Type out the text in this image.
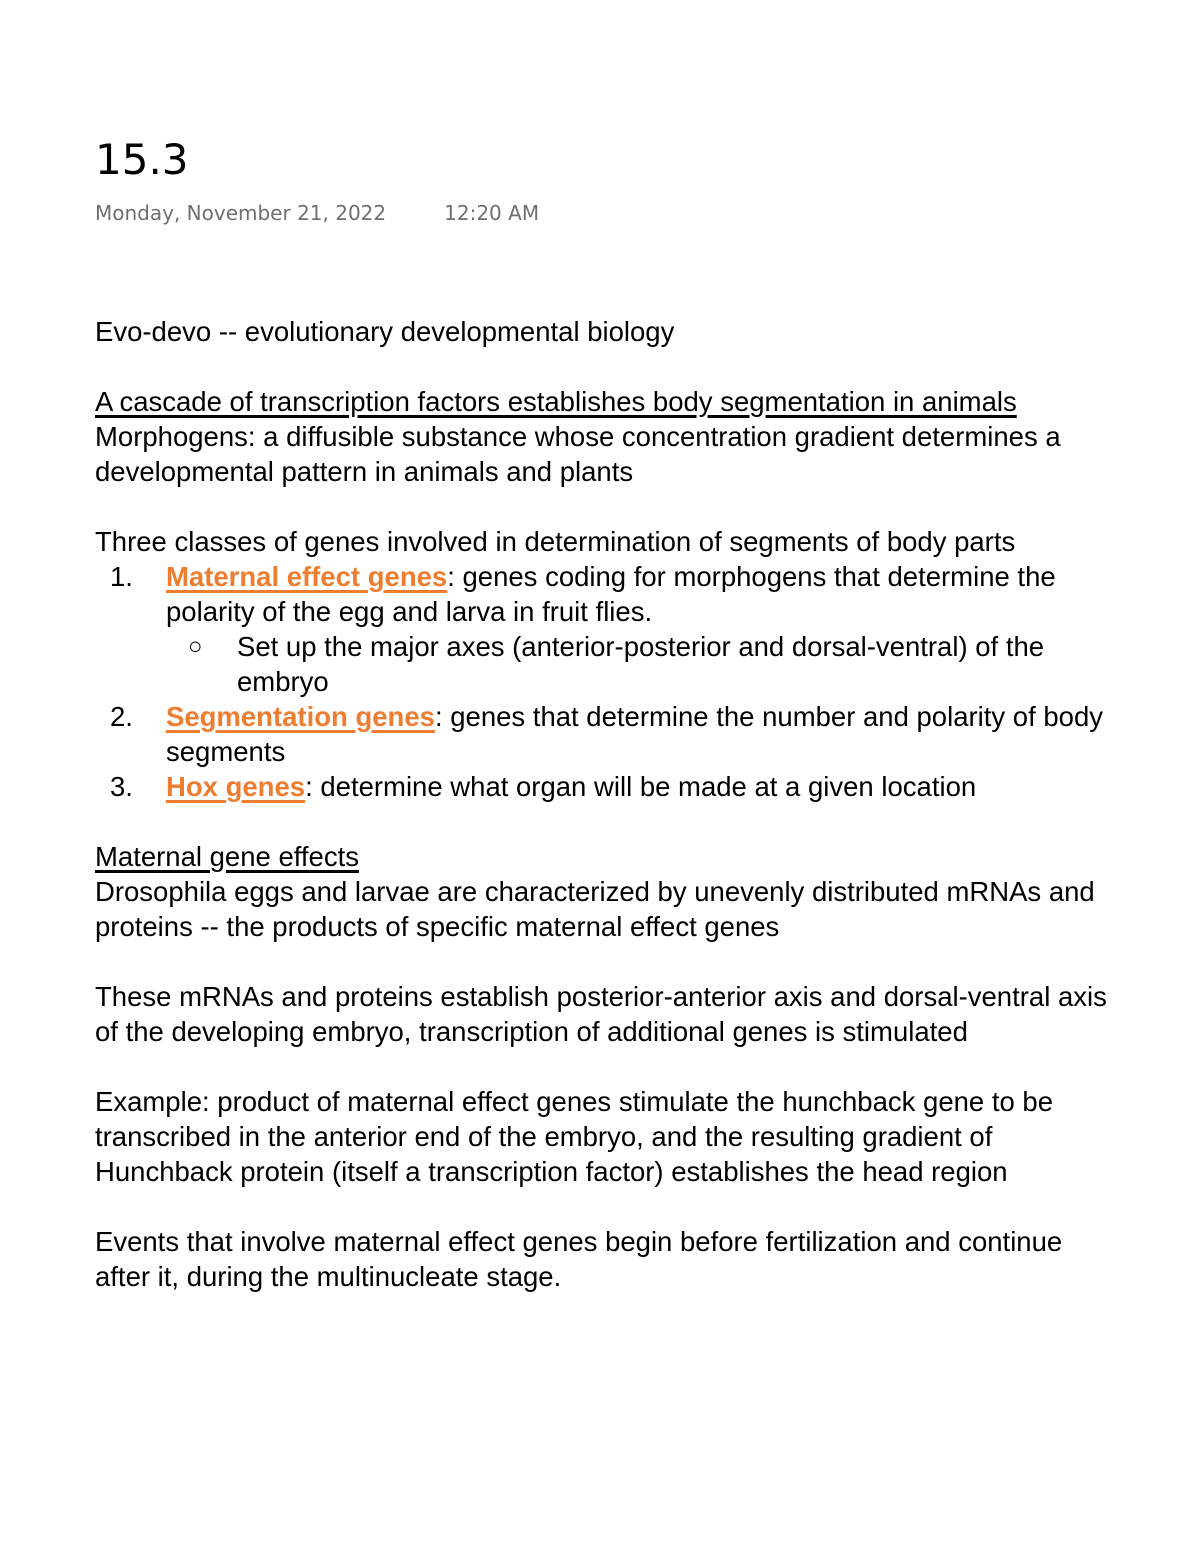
15.3
Monday, November 21, 2022	12:20 AM

Evo-devo -- evolutionary developmental biology

A cascade of transcription factors establishes body segmentation in animals

Morphogens: a diffusible substance whose concentration gradient determines a developmental pattern in animals and plants

Three classes of genes involved in determination of segments of body parts

1. Maternal effect genes: genes coding for morphogens that determine the polarity of the egg and larva in fruit flies.
○ Set up the major axes (anterior-posterior and dorsal-ventral) of the embryo
2. Segmentation genes: genes that determine the number and polarity of body segments
3. Hox genes: determine what organ will be made at a given location

Maternal gene effects

Drosophila eggs and larvae are characterized by unevenly distributed mRNAs and proteins -- the products of specific maternal effect genes

These mRNAs and proteins establish posterior-anterior axis and dorsal-ventral axis of the developing embryo, transcription of additional genes is stimulated

Example: product of maternal effect genes stimulate the hunchback gene to be transcribed in the anterior end of the embryo, and the resulting gradient of Hunchback protein (itself a transcription factor) establishes the head region

Events that involve maternal effect genes begin before fertilization and continue after it, during the multinucleate stage.
